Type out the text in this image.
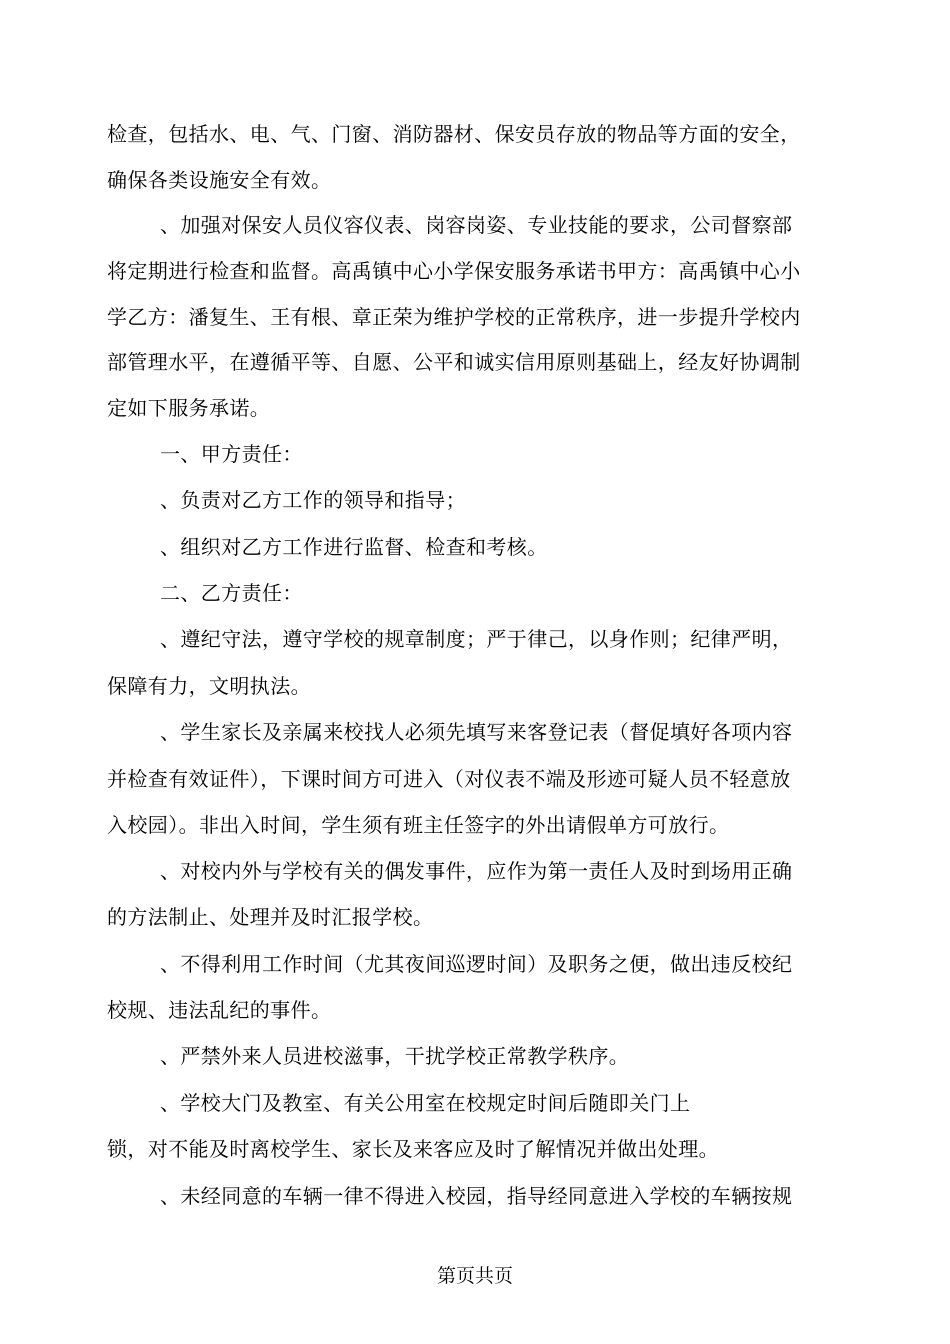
检查，包括水、电、气、门窗、消防器材、保安员存放的物品等方面的安全，
确保各类设施安全有效。
、加强对保安人员仪容仪表、岗容岗姿、专业技能的要求，公司督察部
将定期进行检查和监督。高禹镇中心小学保安服务承诺书甲方：高禹镇中心小
学乙方：潘复生、王有根、章正荣为维护学校的正常秩序，进一步提升学校内
部管理水平，在遵循平等、自愿、公平和诚实信用原则基础上，经友好协调制
定如下服务承诺。
一、甲方责任：
、负责对乙方工作的领导和指导；
、组织对乙方工作进行监督、检查和考核。
二、乙方责任：
、遵纪守法，遵守学校的规章制度；严于律己，以身作则；纪律严明，
保障有力，文明执法。
、学生家长及亲属来校找人必须先填写来客登记表（督促填好各项内容
并检查有效证件），下课时间方可进入（对仪表不端及形迹可疑人员不轻意放
入校园）。非出入时间，学生须有班主任签字的外出请假单方可放行。
、对校内外与学校有关的偶发事件，应作为第一责任人及时到场用正确
的方法制止、处理并及时汇报学校。
、不得利用工作时间（尤其夜间巡逻时间）及职务之便，做出违反校纪
校规、违法乱纪的事件。
、严禁外来人员进校滋事，干扰学校正常教学秩序。
、学校大门及教室、有关公用室在校规定时间后随即关门上
锁，对不能及时离校学生、家长及来客应及时了解情况并做出处理。
、未经同意的车辆一律不得进入校园，指导经同意进入学校的车辆按规
第页共页
